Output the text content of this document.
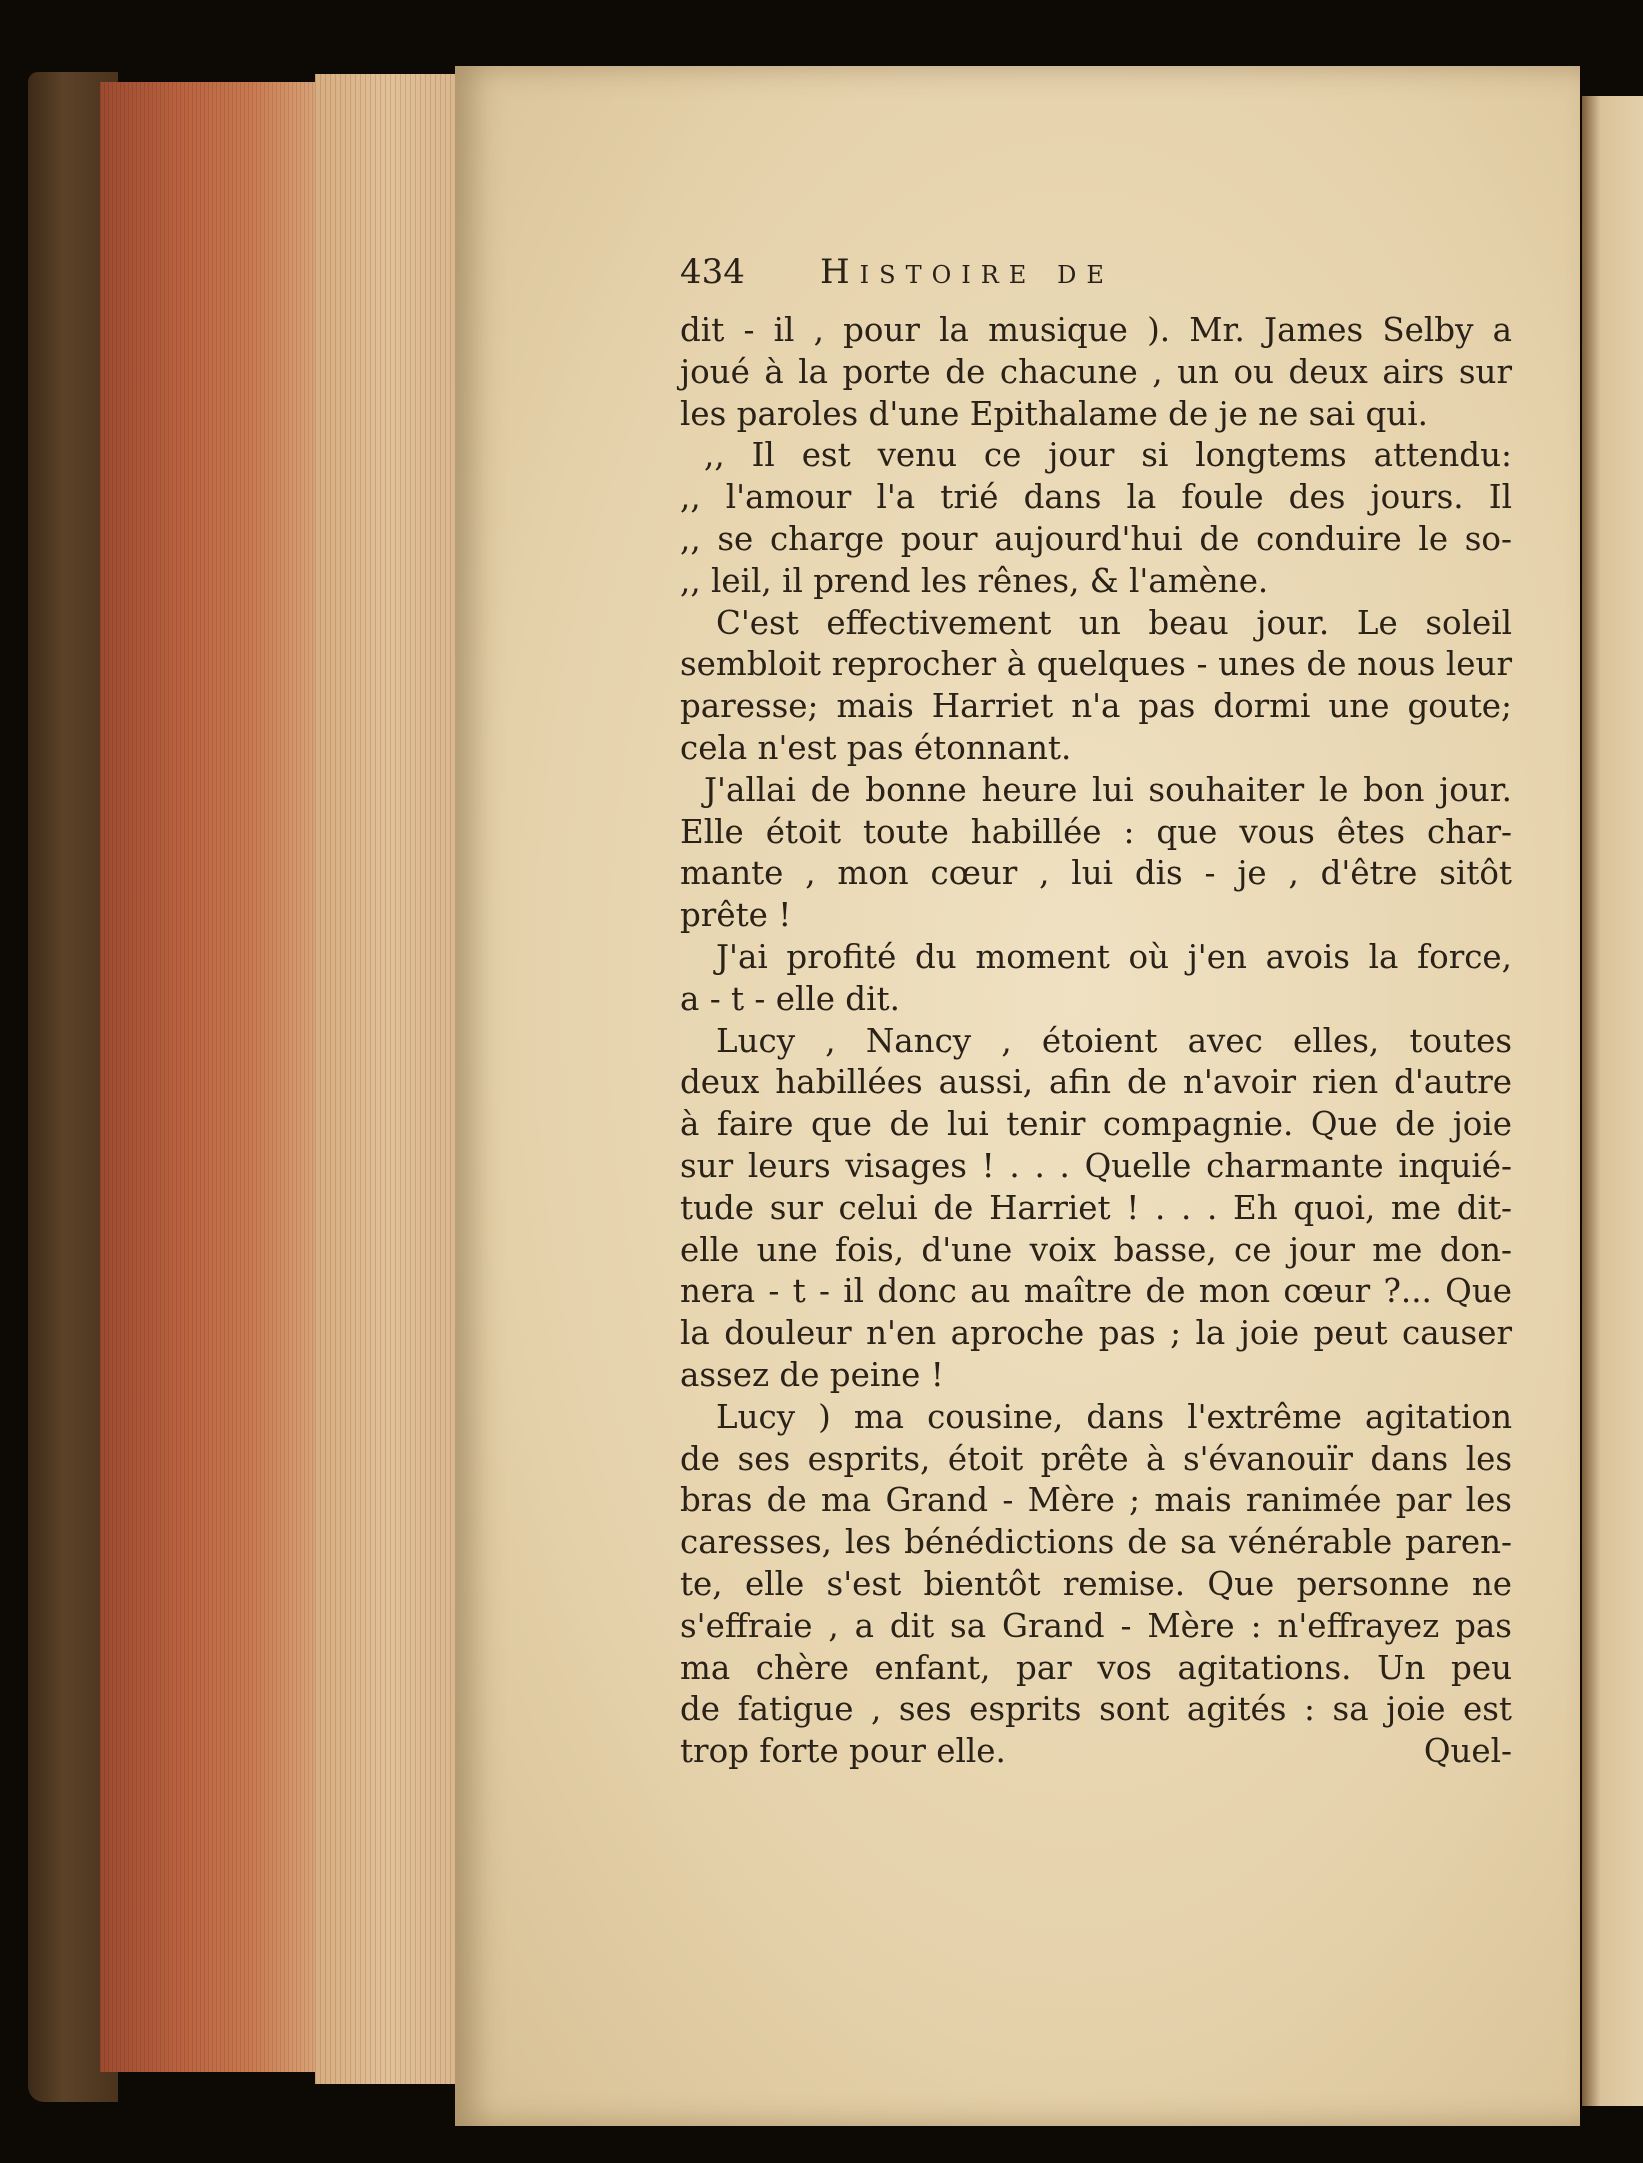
434	Histoire de
dit - il , pour la musique ). Mr. James Selby a
joué à la porte de chacune , un ou deux airs sur
les paroles d'une Epithalame de je ne sai qui.
,, Il est venu ce jour si longtems attendu:
,, l'amour l'a trié dans la foule des jours. Il
,, se charge pour aujourd'hui de conduire le so-
,, leil, il prend les rênes, & l'amène.
C'est effectivement un beau jour. Le soleil
sembloit reprocher à quelques - unes de nous leur
paresse; mais Harriet n'a pas dormi une goute;
cela n'est pas étonnant.
J'allai de bonne heure lui souhaiter le bon jour.
Elle étoit toute habillée : que vous êtes char-
mante , mon cœur , lui dis - je , d'être sitôt
prête !
J'ai profité du moment où j'en avois la force,
a - t - elle dit.
Lucy , Nancy , étoient avec elles, toutes
deux habillées aussi, afin de n'avoir rien d'autre
à faire que de lui tenir compagnie. Que de joie
sur leurs visages ! . . . Quelle charmante inquié-
tude sur celui de Harriet ! . . . Eh quoi, me dit-
elle une fois, d'une voix basse, ce jour me don-
nera - t - il donc au maître de mon cœur ?... Que
la douleur n'en aproche pas ; la joie peut causer
assez de peine !
Lucy ) ma cousine, dans l'extrême agitation
de ses esprits, étoit prête à s'évanouïr dans les
bras de ma Grand - Mère ; mais ranimée par les
caresses, les bénédictions de sa vénérable paren-
te, elle s'est bientôt remise. Que personne ne
s'effraie , a dit sa Grand - Mère : n'effrayez pas
ma chère enfant, par vos agitations. Un peu
de fatigue , ses esprits sont agités : sa joie est
trop forte pour elle.	Quel-
